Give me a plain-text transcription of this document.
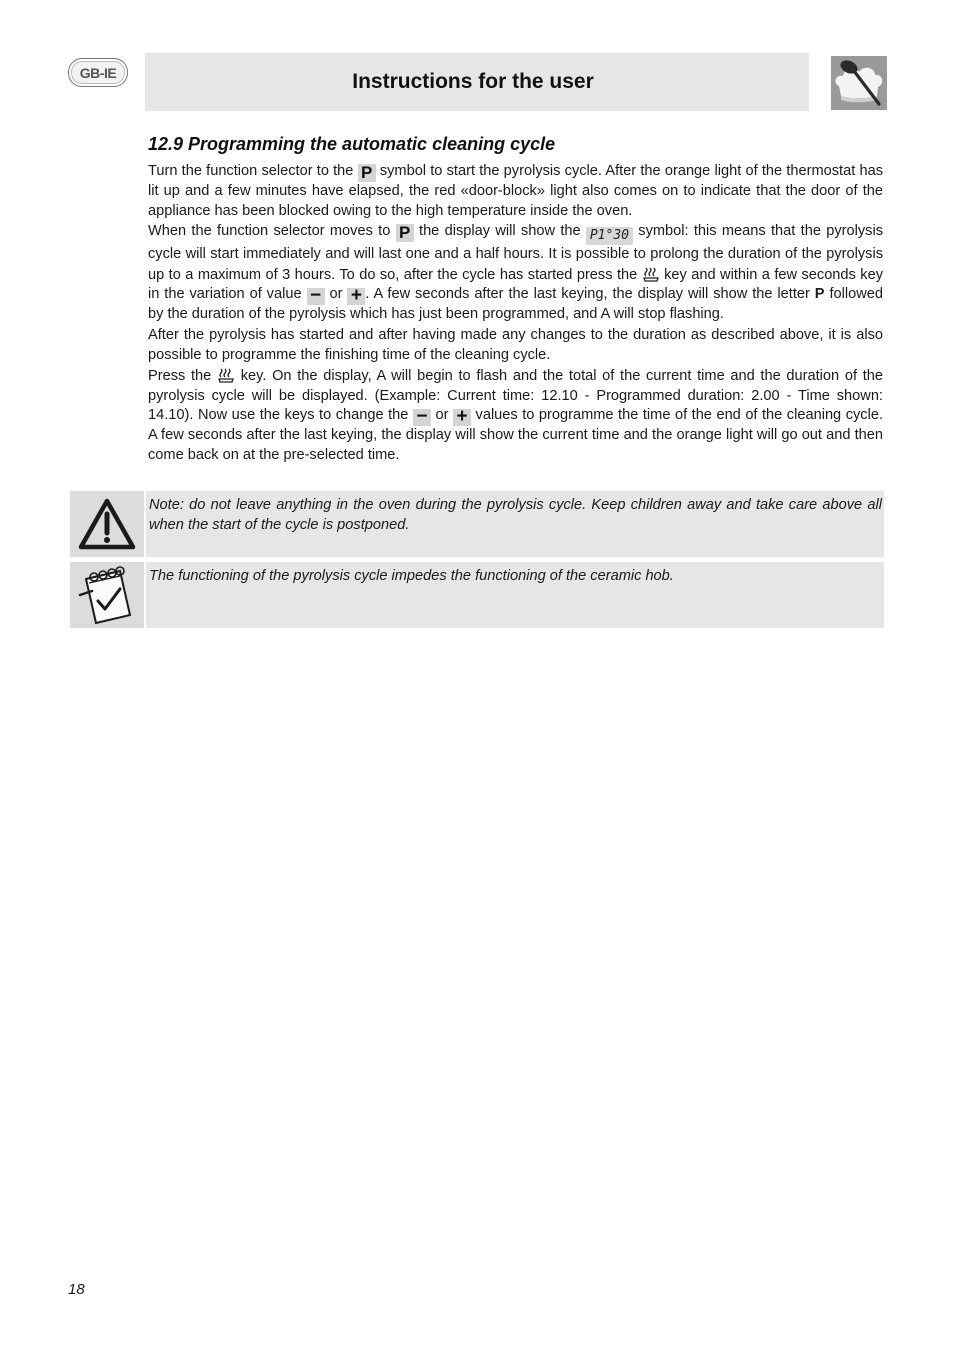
GB-IE	Instructions for the user
12.9 Programming the automatic cleaning cycle

Turn the function selector to the P symbol to start the pyrolysis cycle. After the orange light of the thermostat has lit up and a few minutes have elapsed, the red «door-block» light also comes on to indicate that the door of the appliance has been blocked owing to the high temperature inside the oven.

When the function selector moves to P the display will show the P1°30 symbol: this means that the pyrolysis cycle will start immediately and will last one and a half hours. It is possible to prolong the duration of the pyrolysis up to a maximum of 3 hours. To do so, after the cycle has started press the key and within a few seconds key in the variation of value − or + . A few seconds after the last keying, the display will show the letter P followed by the duration of the pyrolysis which has just been programmed, and A will stop flashing.

After the pyrolysis has started and after having made any changes to the duration as described above, it is also possible to programme the finishing time of the cleaning cycle.

Press the key. On the display, A will begin to flash and the total of the current time and the duration of the pyrolysis cycle will be displayed. (Example: Current time: 12.10 - Programmed duration: 2.00 - Time shown: 14.10). Now use the keys to change the − or + values to programme the time of the end of the cleaning cycle. A few seconds after the last keying, the display will show the current time and the orange light will go out and then come back on at the pre-selected time.

Note: do not leave anything in the oven during the pyrolysis cycle. Keep children away and take care above all when the start of the cycle is postponed.
The functioning of the pyrolysis cycle impedes the functioning of the ceramic hob.
18
